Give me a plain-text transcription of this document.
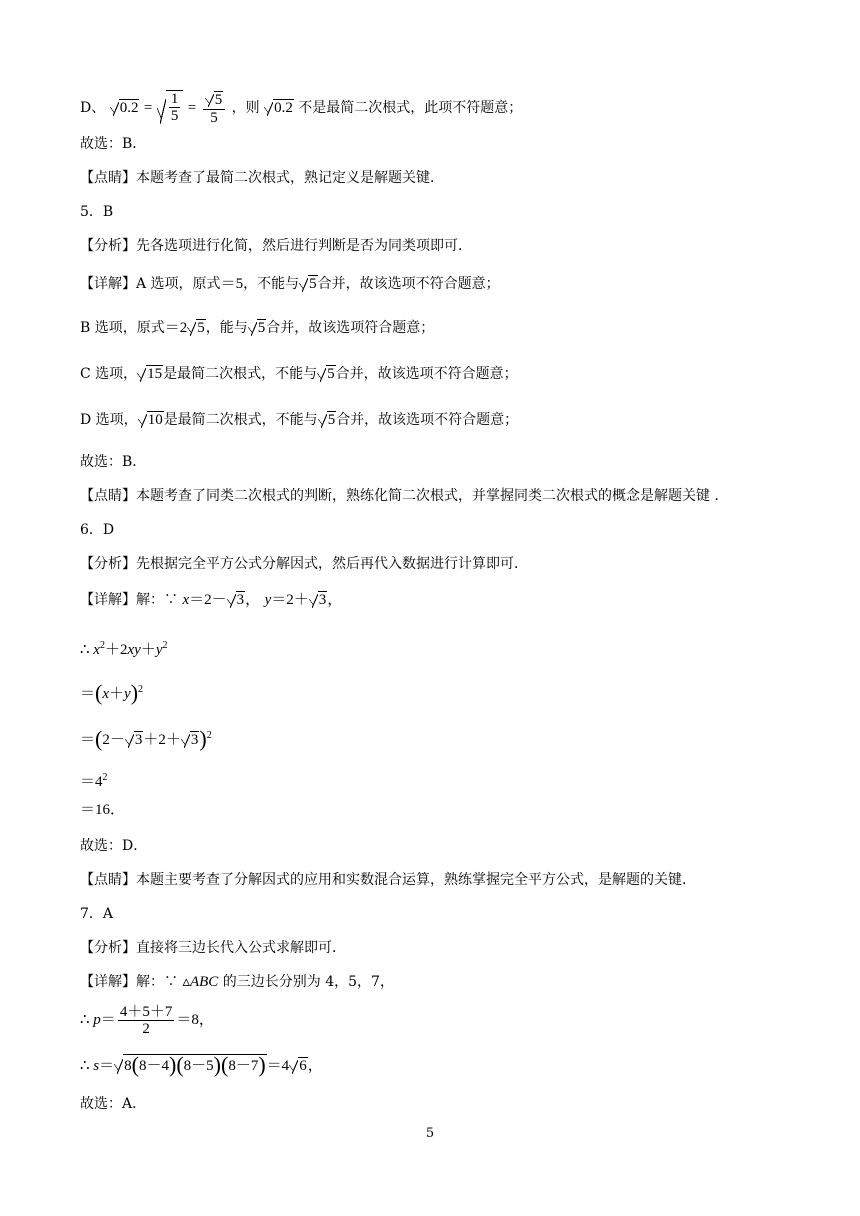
D、 $0.2 = \frac{1}{5} = \frac{5}{5}$ ，则 0.2 不是最简二次根式，此项不符题意；
故选：B．
【点睛】本题考查了最简二次根式，熟记定义是解题关键．
5．B
【分析】先各选项进行化简，然后进行判断是否为同类项即可．
【详解】A 选项，原式＝5，不能与 5合并，故该选项不符合题意；
B 选项，原式＝2 5，能与 5合并，故该选项符合题意；
C 选项， 15是最简二次根式，不能与 5合并，故该选项不符合题意；
D 选项， 10是最简二次根式，不能与 5合并，故该选项不符合题意；
故选：B．
【点睛】本题考查了同类二次根式的判断，熟练化简二次根式，并掌握同类二次根式的概念是解题关键 ．
6．D
【分析】先根据完全平方公式分解因式，然后再代入数据进行计算即可．
【详解】解：∵ x＝2－ 3， y＝2＋ 3，
∴ $x^2+2xy+y^2$
$=(x+y)^2$
$=(2- 3+2+ 3)^2$
$=4^2$
＝16．
故选：D．
【点睛】本题主要考查了分解因式的应用和实数混合运算，熟练掌握完全平方公式，是解题的关键．
7．A
【分析】直接将三边长代入公式求解即可．
【详解】解：∵ ▵ABC 的三边长分别为 4，5，7，
∴ $p= \frac{4+5+7}{2} =8$，
∴ s＝ 8(8－4)(8－5)(8－7)＝4 6，
故选：A．
5
